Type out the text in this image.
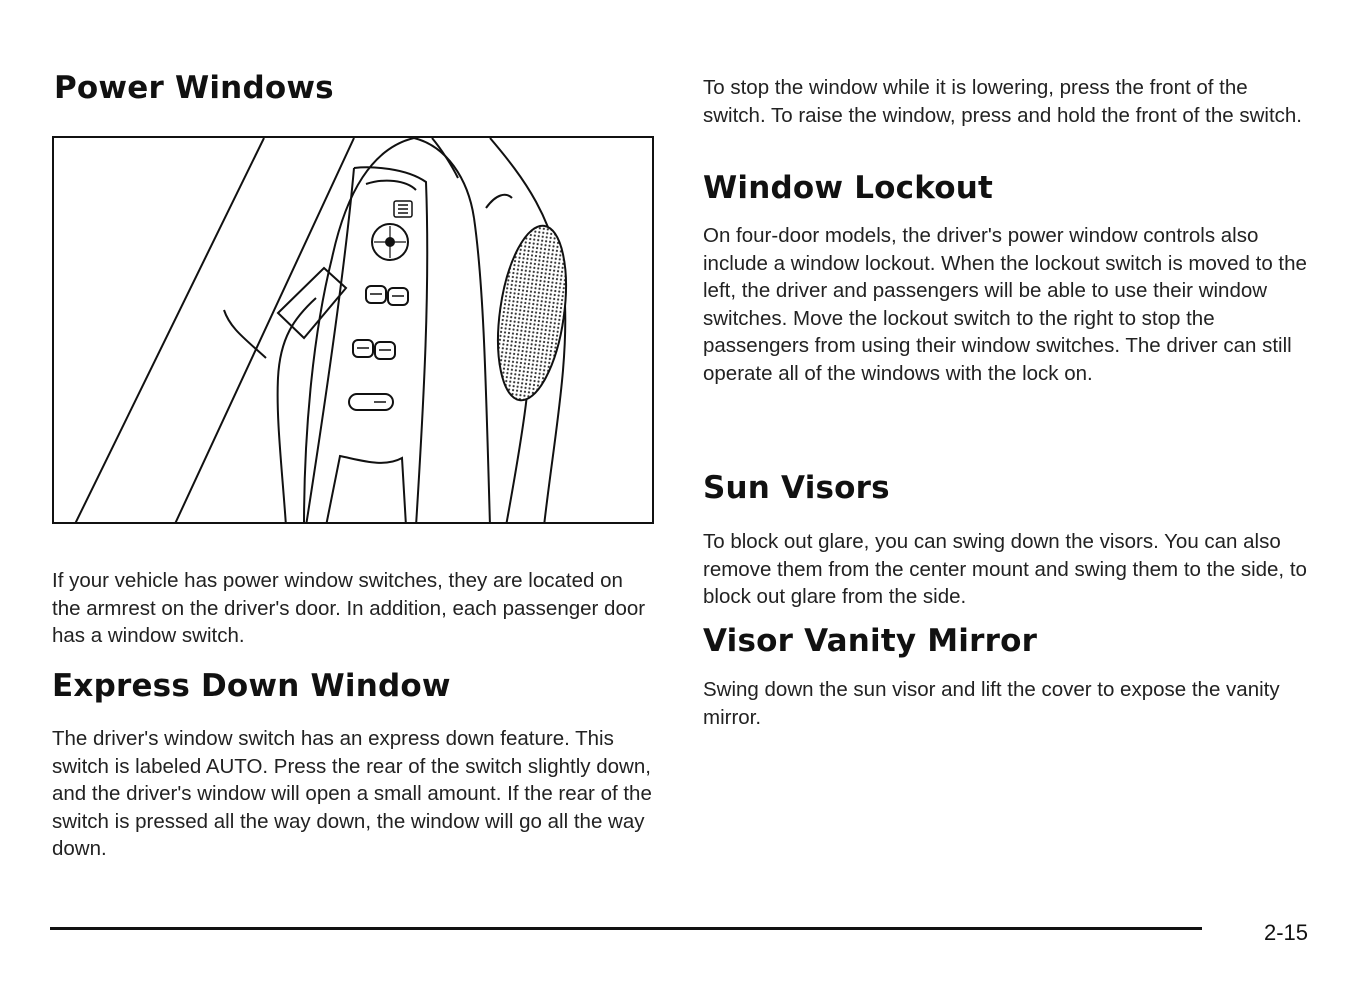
Power Windows

If your vehicle has power window switches, they are located on the armrest on the driver's door. In addition, each passenger door has a window switch.

Express Down Window

The driver's window switch has an express down feature. This switch is labeled AUTO. Press the rear of the switch slightly down, and the driver's window will open a small amount. If the rear of the switch is pressed all the way down, the window will go all the way down.

To stop the window while it is lowering, press the front of the switch. To raise the window, press and hold the front of the switch.

Window Lockout

On four-door models, the driver's power window controls also include a window lockout. When the lockout switch is moved to the left, the driver and passengers will be able to use their window switches. Move the lockout switch to the right to stop the passengers from using their window switches. The driver can still operate all of the windows with the lock on.

Sun Visors

To block out glare, you can swing down the visors. You can also remove them from the center mount and swing them to the side, to block out glare from the side.

Visor Vanity Mirror

Swing down the sun visor and lift the cover to expose the vanity mirror.

2-15
